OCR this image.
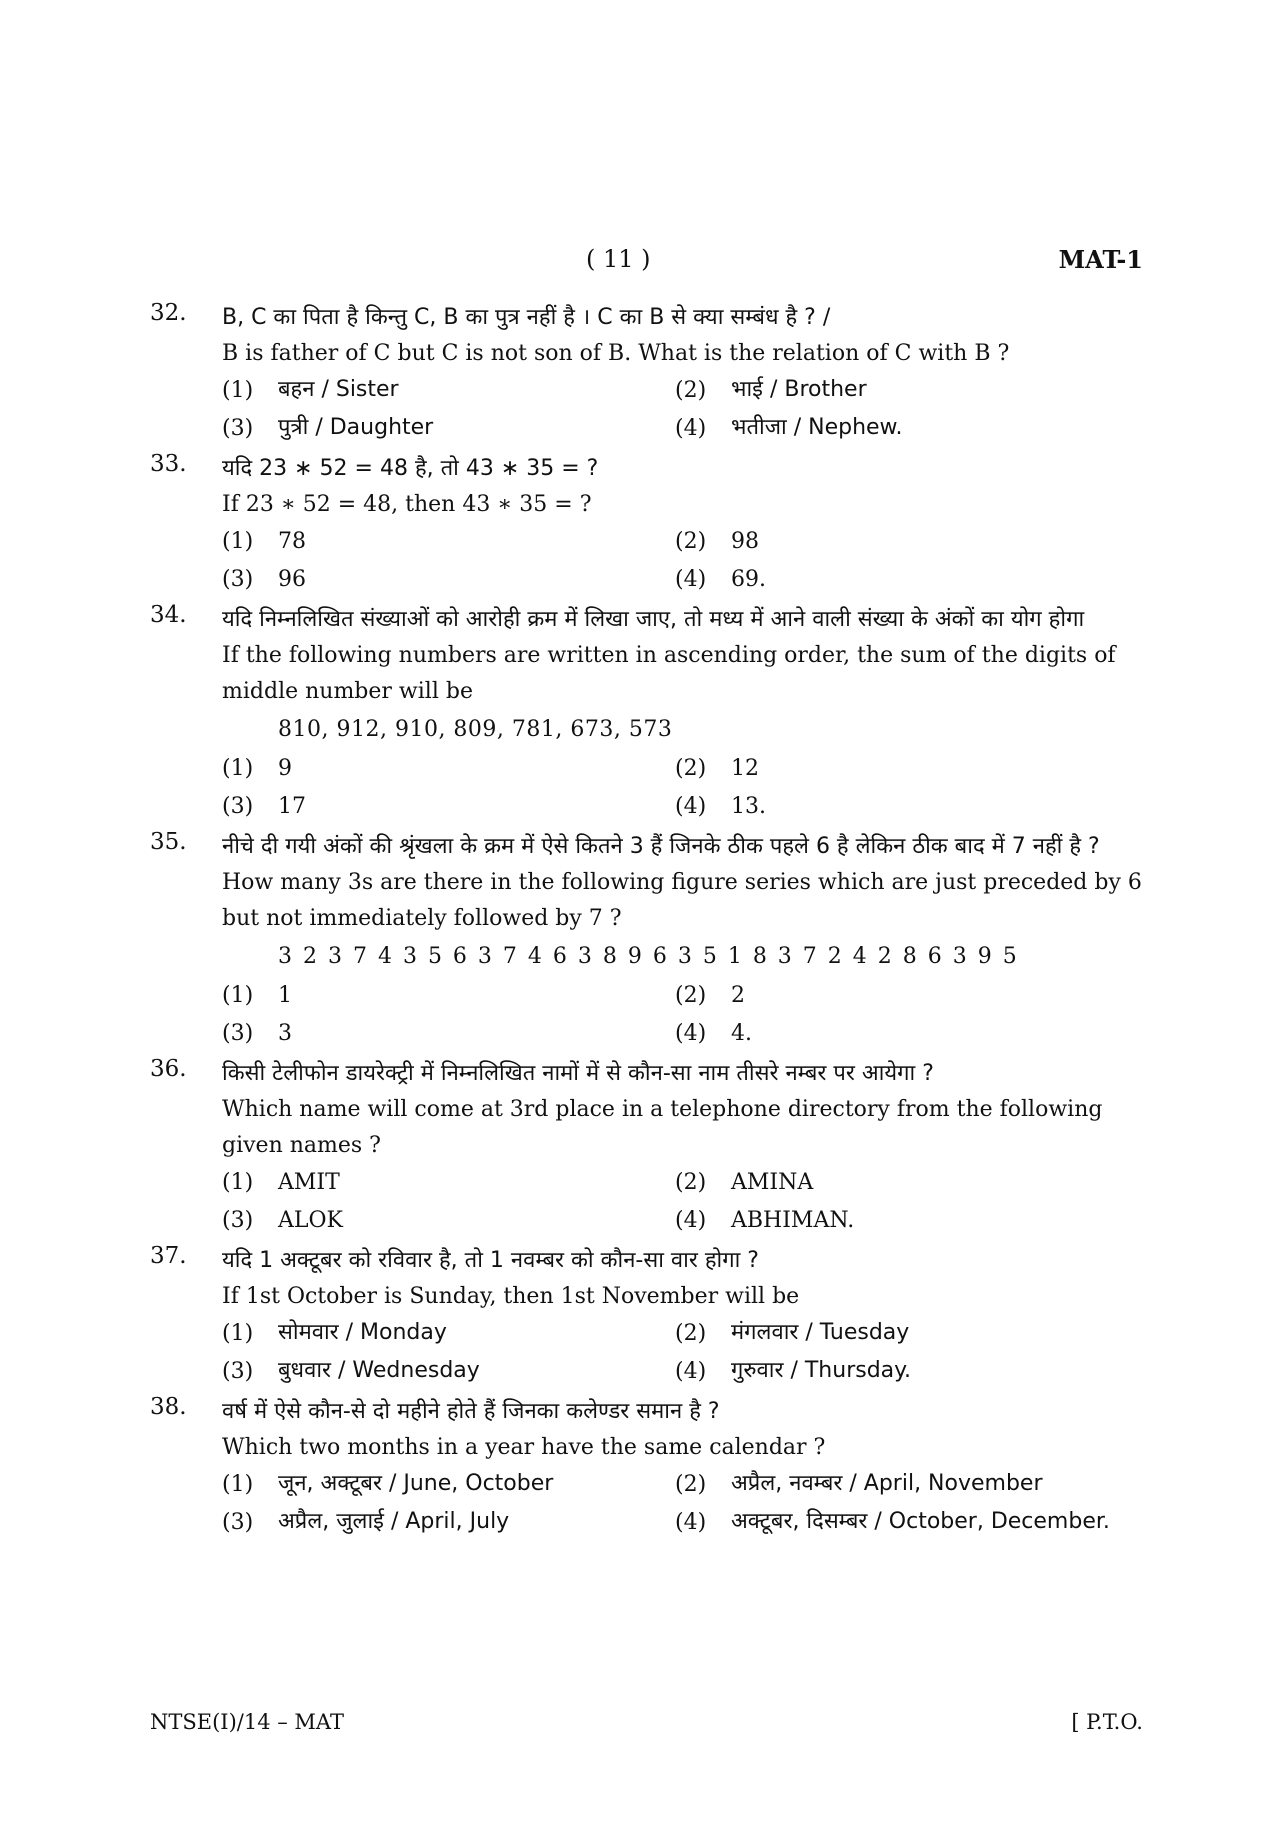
( 11 )	MAT-1
32.	B, C का पिता है किन्तु C, B का पुत्र नहीं है । C का B से क्या सम्बंध है ? /
B is father of C but C is not son of B. What is the relation of C with B ?
(1)	बहन / Sister	(2)	भाई / Brother
(3)	पुत्री / Daughter	(4)	भतीजा / Nephew.
33.	यदि 23 ∗ 52 = 48 है, तो 43 ∗ 35 = ?
If 23 ∗ 52 = 48, then 43 ∗ 35 = ?
(1)	78	(2)	98
(3)	96	(4)	69.
34.	यदि निम्नलिखित संख्याओं को आरोही क्रम में लिखा जाए, तो मध्य में आने वाली संख्या के अंकों का योग होगा
If the following numbers are written in ascending order, the sum of the digits of middle number will be
810, 912, 910, 809, 781, 673, 573
(1)	9	(2)	12
(3)	17	(4)	13.
35.	नीचे दी गयी अंकों की श्रृंखला के क्रम में ऐसे कितने 3 हैं जिनके ठीक पहले 6 है लेकिन ठीक बाद में 7 नहीं है ?
How many 3s are there in the following figure series which are just preceded by 6 but not immediately followed by 7 ?
3 2 3 7 4 3 5 6 3 7 4 6 3 8 9 6 3 5 1 8 3 7 2 4 2 8 6 3 9 5
(1)	1	(2)	2
(3)	3	(4)	4.
36.	किसी टेलीफोन डायरेक्ट्री में निम्नलिखित नामों में से कौन-सा नाम तीसरे नम्बर पर आयेगा ?
Which name will come at 3rd place in a telephone directory from the following given names ?
(1)	AMIT	(2)	AMINA
(3)	ALOK	(4)	ABHIMAN.
37.	यदि 1 अक्टूबर को रविवार है, तो 1 नवम्बर को कौन-सा वार होगा ?
If 1st October is Sunday, then 1st November will be
(1)	सोमवार / Monday	(2)	मंगलवार / Tuesday
(3)	बुधवार / Wednesday	(4)	गुरुवार / Thursday.
38.	वर्ष में ऐसे कौन-से दो महीने होते हैं जिनका कलेण्डर समान है ?
Which two months in a year have the same calendar ?
(1)	जून, अक्टूबर / June, October	(2)	अप्रैल, नवम्बर / April, November
(3)	अप्रैल, जुलाई / April, July	(4)	अक्टूबर, दिसम्बर / October, December.
NTSE(I)/14 – MAT	[ P.T.O.
